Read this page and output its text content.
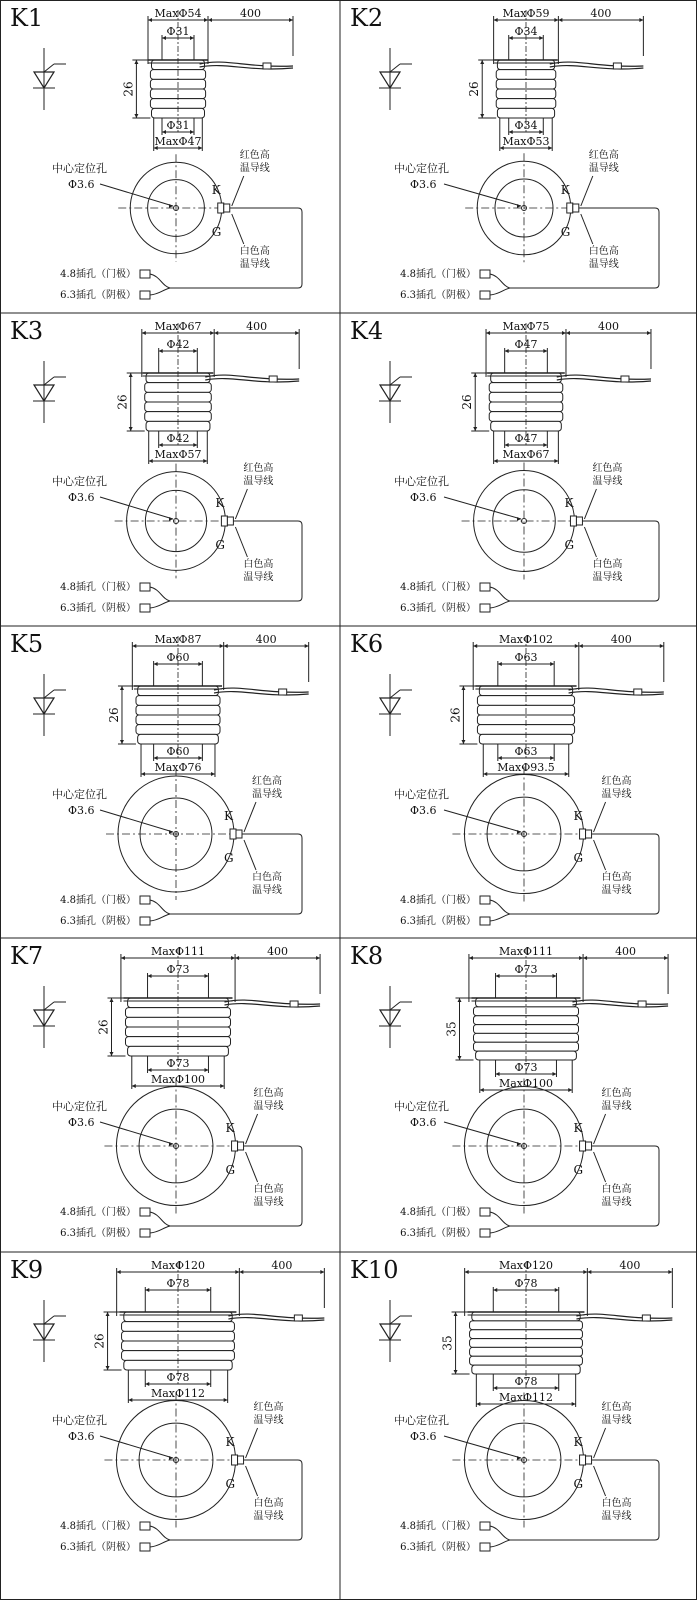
K1	MaxΦ54	400
Φ31
26
Φ31
MaxΦ47
中心定位孔
Φ3.6	K
G
红色高
温导线
白色高
温导线
4.8插孔（门极）
6.3插孔（阴极）
K2	MaxΦ59	400
Φ34
26
Φ34
MaxΦ53
中心定位孔
Φ3.6	K
G
红色高
温导线
白色高
温导线
4.8插孔（门极）
6.3插孔（阴极）
K3	MaxΦ67	400
Φ42
26
Φ42
MaxΦ57
中心定位孔
Φ3.6	K
G
红色高
温导线
白色高
温导线
4.8插孔（门极）
6.3插孔（阴极）
K4	MaxΦ75	400
Φ47
26
Φ47
MaxΦ67
中心定位孔
Φ3.6	K
G
红色高
温导线
白色高
温导线
4.8插孔（门极）
6.3插孔（阴极）
K5	MaxΦ87	400
Φ60
26
Φ60
MaxΦ76
中心定位孔
Φ3.6	K
G
红色高
温导线
白色高
温导线
4.8插孔（门极）
6.3插孔（阴极）
K6	MaxΦ102	400
Φ63
26
Φ63
MaxΦ93.5
中心定位孔
Φ3.6	K
G
红色高
温导线
白色高
温导线
4.8插孔（门极）
6.3插孔（阴极）
K7	MaxΦ111	400
Φ73
26
Φ73
MaxΦ100
中心定位孔
Φ3.6	K
G
红色高
温导线
白色高
温导线
4.8插孔（门极）
6.3插孔（阴极）
K8	MaxΦ111	400
Φ73
35
Φ73
MaxΦ100
中心定位孔
Φ3.6	K
G
红色高
温导线
白色高
温导线
4.8插孔（门极）
6.3插孔（阴极）
K9	MaxΦ120	400
Φ78
26
Φ78
MaxΦ112
中心定位孔
Φ3.6	K
G
红色高
温导线
白色高
温导线
4.8插孔（门极）
6.3插孔（阴极）
K10	MaxΦ120	400
Φ78
35
Φ78
MaxΦ112
中心定位孔
Φ3.6	K
G
红色高
温导线
白色高
温导线
4.8插孔（门极）
6.3插孔（阴极）
